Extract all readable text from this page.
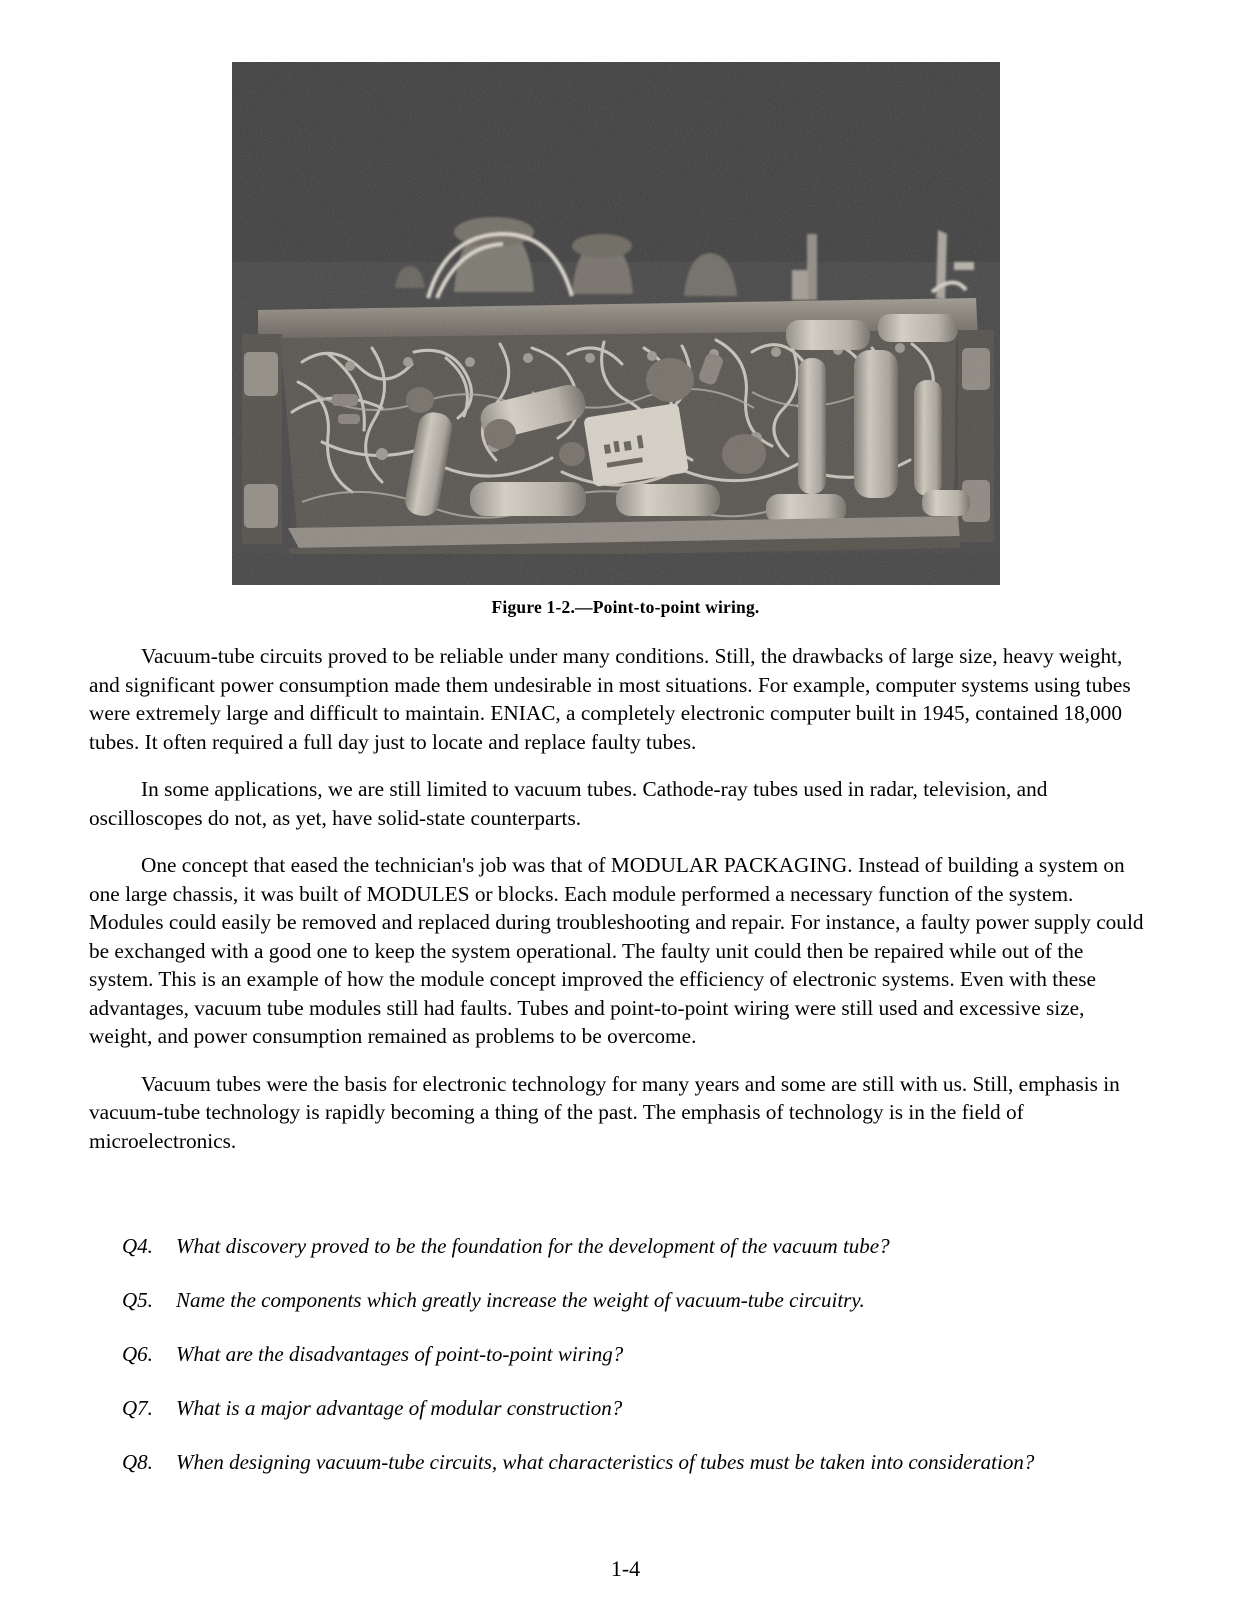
Figure 1-2.—Point-to-point wiring.

Vacuum-tube circuits proved to be reliable under many conditions. Still, the drawbacks of large size, heavy weight, and significant power consumption made them undesirable in most situations. For example, computer systems using tubes were extremely large and difficult to maintain. ENIAC, a completely electronic computer built in 1945, contained 18,000 tubes. It often required a full day just to locate and replace faulty tubes.

In some applications, we are still limited to vacuum tubes. Cathode-ray tubes used in radar, television, and oscilloscopes do not, as yet, have solid-state counterparts.

One concept that eased the technician's job was that of MODULAR PACKAGING. Instead of building a system on one large chassis, it was built of MODULES or blocks. Each module performed a necessary function of the system. Modules could easily be removed and replaced during troubleshooting and repair. For instance, a faulty power supply could be exchanged with a good one to keep the system operational. The faulty unit could then be repaired while out of the system. This is an example of how the module concept improved the efficiency of electronic systems. Even with these advantages, vacuum tube modules still had faults. Tubes and point-to-point wiring were still used and excessive size, weight, and power consumption remained as problems to be overcome.

Vacuum tubes were the basis for electronic technology for many years and some are still with us. Still, emphasis in vacuum-tube technology is rapidly becoming a thing of the past. The emphasis of technology is in the field of microelectronics.

Q4.	What discovery proved to be the foundation for the development of the vacuum tube?
Q5.	Name the components which greatly increase the weight of vacuum-tube circuitry.
Q6.	What are the disadvantages of point-to-point wiring?
Q7.	What is a major advantage of modular construction?
Q8.	When designing vacuum-tube circuits, what characteristics of tubes must be taken into consideration?
1-4
